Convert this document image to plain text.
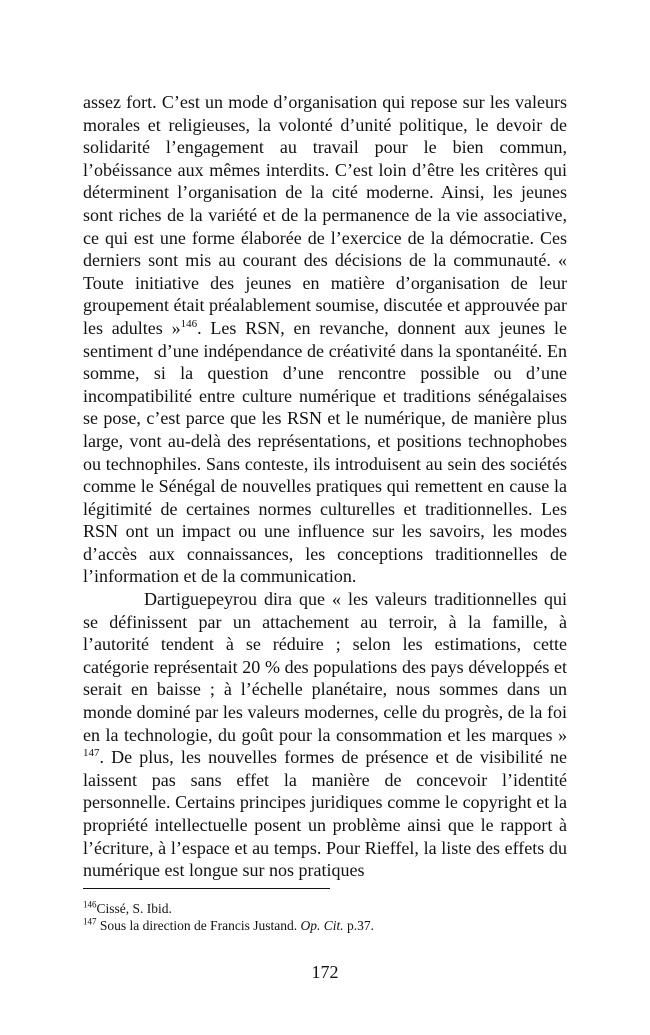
assez fort. C’est un mode d’organisation qui repose sur les valeurs morales et religieuses, la volonté d’unité politique, le devoir de solidarité l’engagement au travail pour le bien commun, l’obéissance aux mêmes interdits. C’est loin d’être les critères qui déterminent l’organisation de la cité moderne. Ainsi, les jeunes sont riches de la variété et de la permanence de la vie associative, ce qui est une forme élaborée de l’exercice de la démocratie. Ces derniers sont mis au courant des décisions de la communauté. « Toute initiative des jeunes en matière d’organisation de leur groupement était préalablement soumise, discutée et approuvée par les adultes »$^{146}$. Les RSN, en revanche, donnent aux jeunes le sentiment d’une indépendance de créativité dans la spontanéité. En somme, si la question d’une rencontre possible ou d’une incompatibilité entre culture numérique et traditions sénégalaises se pose, c’est parce que les RSN et le numérique, de manière plus large, vont au-delà des représentations, et positions technophobes ou technophiles. Sans conteste, ils introduisent au sein des sociétés comme le Sénégal de nouvelles pratiques qui remettent en cause la légitimité de certaines normes culturelles et traditionnelles. Les RSN ont un impact ou une influence sur les savoirs, les modes d’accès aux connaissances, les conceptions traditionnelles de l’information et de la communication.

Dartiguepeyrou dira que « les valeurs traditionnelles qui se définissent par un attachement au terroir, à la famille, à l’autorité tendent à se réduire ; selon les estimations, cette catégorie représentait 20 % des populations des pays développés et serait en baisse ; à l’échelle planétaire, nous sommes dans un monde dominé par les valeurs modernes, celle du progrès, de la foi en la technologie, du goût pour la consommation et les marques » $^{147}$. De plus, les nouvelles formes de présence et de visibilité ne laissent pas sans effet la manière de concevoir l’identité personnelle. Certains principes juridiques comme le copyright et la propriété intellectuelle posent un problème ainsi que le rapport à l’écriture, à l’espace et au temps. Pour Rieffel, la liste des effets du numérique est longue sur nos pratiques

$^{146}$Cissé, S. Ibid.
$^{147}$ Sous la direction de Francis Justand. Op. Cit. p.37.
172
